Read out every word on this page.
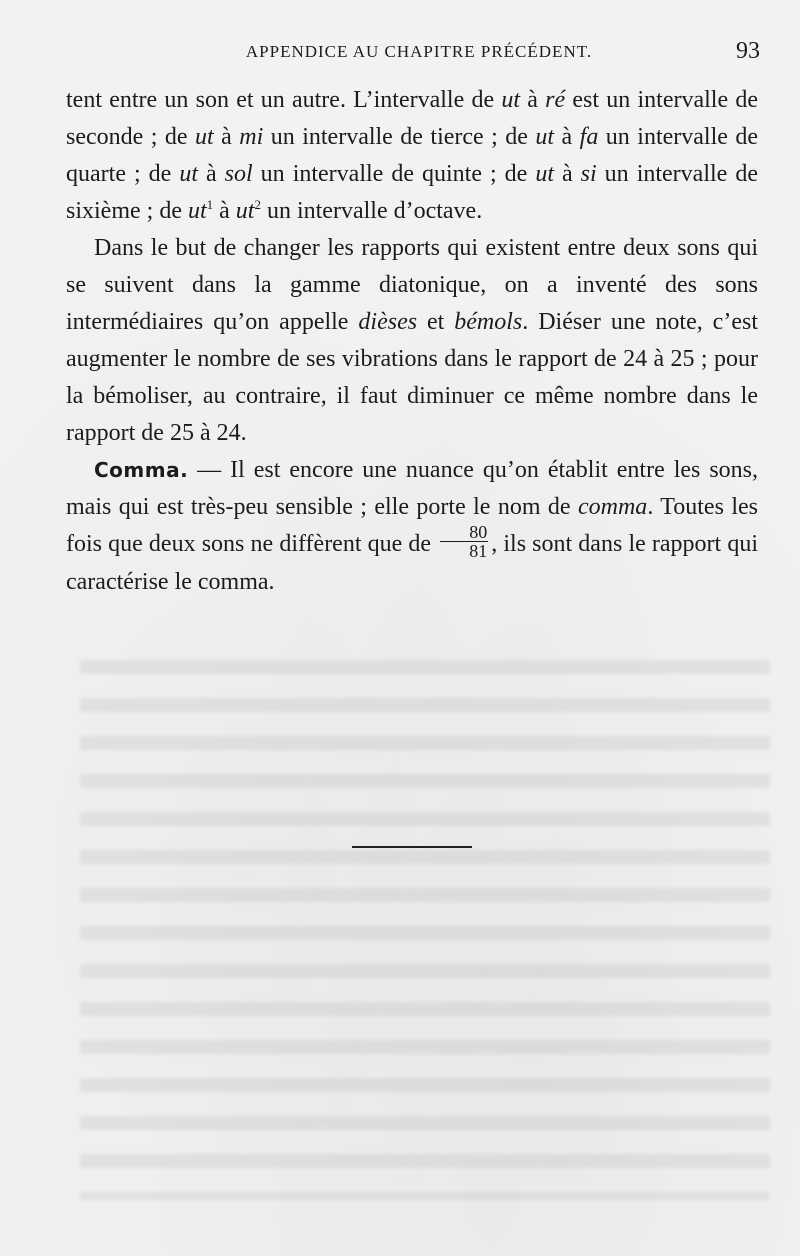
APPENDICE AU CHAPITRE PRÉCÉDENT.	93

tent entre un son et un autre. L’intervalle de ut à ré est un intervalle de seconde ; de ut à mi un intervalle de tierce ; de ut à fa un intervalle de quarte ; de ut à sol un intervalle de quinte ; de ut à si un intervalle de sixième ; de $ut^1$ à $ut^2$ un intervalle d’octave.

Dans le but de changer les rapports qui existent entre deux sons qui se suivent dans la gamme diatonique, on a inventé des sons intermédiaires qu’on appelle dièses et bémols. Diéser une note, c’est augmenter le nombre de ses vibrations dans le rapport de 24 à 25 ; pour la bémoliser, au contraire, il faut diminuer ce même nombre dans le rapport de 25 à 24.

Comma. — Il est encore une nuance qu’on établit entre les sons, mais qui est très-peu sensible ; elle porte le nom de comma. Toutes les fois que deux sons ne diffèrent que de $\frac{80}{81}$ , ils sont dans le rapport qui caractérise le comma.
